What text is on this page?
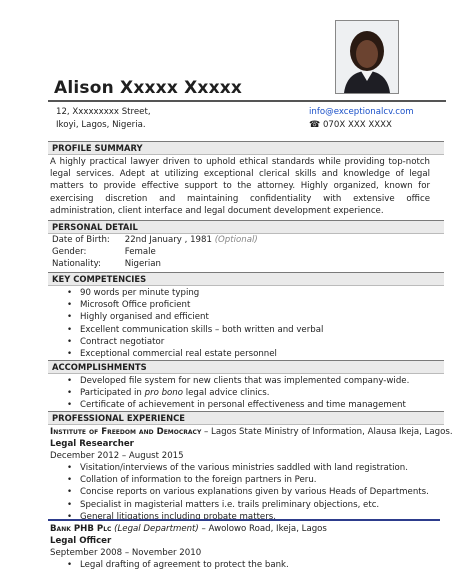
Alison Xxxxx Xxxxx
12, Xxxxxxxxx Street,
Ikoyi, Lagos, Nigeria.
info@exceptionalcv.com
☎ 070X XXX XXXX
PROFILE SUMMARY
A highly practical lawyer driven to uphold ethical standards while providing top-notch legal services. Adept at utilizing exceptional clerical skills and knowledge of legal matters to provide effective support to the attorney. Highly organized, known for exercising discretion and maintaining confidentiality with extensive office administration, client interface and legal document development experience.
PERSONAL DETAIL
Date of Birth: 22nd January , 1981 (Optional)
Gender:	Female
Nationality:	Nigerian
KEY COMPETENCIES
• 90 words per minute typing
• Microsoft Office proficient
• Highly organised and efficient
• Excellent communication skills – both written and verbal
• Contract negotiator
• Exceptional commercial real estate personnel
ACCOMPLISHMENTS
• Developed file system for new clients that was implemented company-wide.
• Participated in pro bono legal advice clinics.
• Certificate of achievement in personal effectiveness and time management
PROFESSIONAL EXPERIENCE
Institute of Freedom and Democracy – Lagos State Ministry of Information, Alausa Ikeja, Lagos.
Legal Researcher
December 2012 – August 2015
• Visitation/interviews of the various ministries saddled with land registration.
• Collation of information to the foreign partners in Peru.
• Concise reports on various explanations given by various Heads of Departments.
• Specialist in magisterial matters i.e. trails preliminary objections, etc.
• General litigations including probate matters.
Bank PHB Plc (Legal Department) – Awolowo Road, Ikeja, Lagos
Legal Officer
September 2008 – November 2010
• Legal drafting of agreement to protect the bank.
